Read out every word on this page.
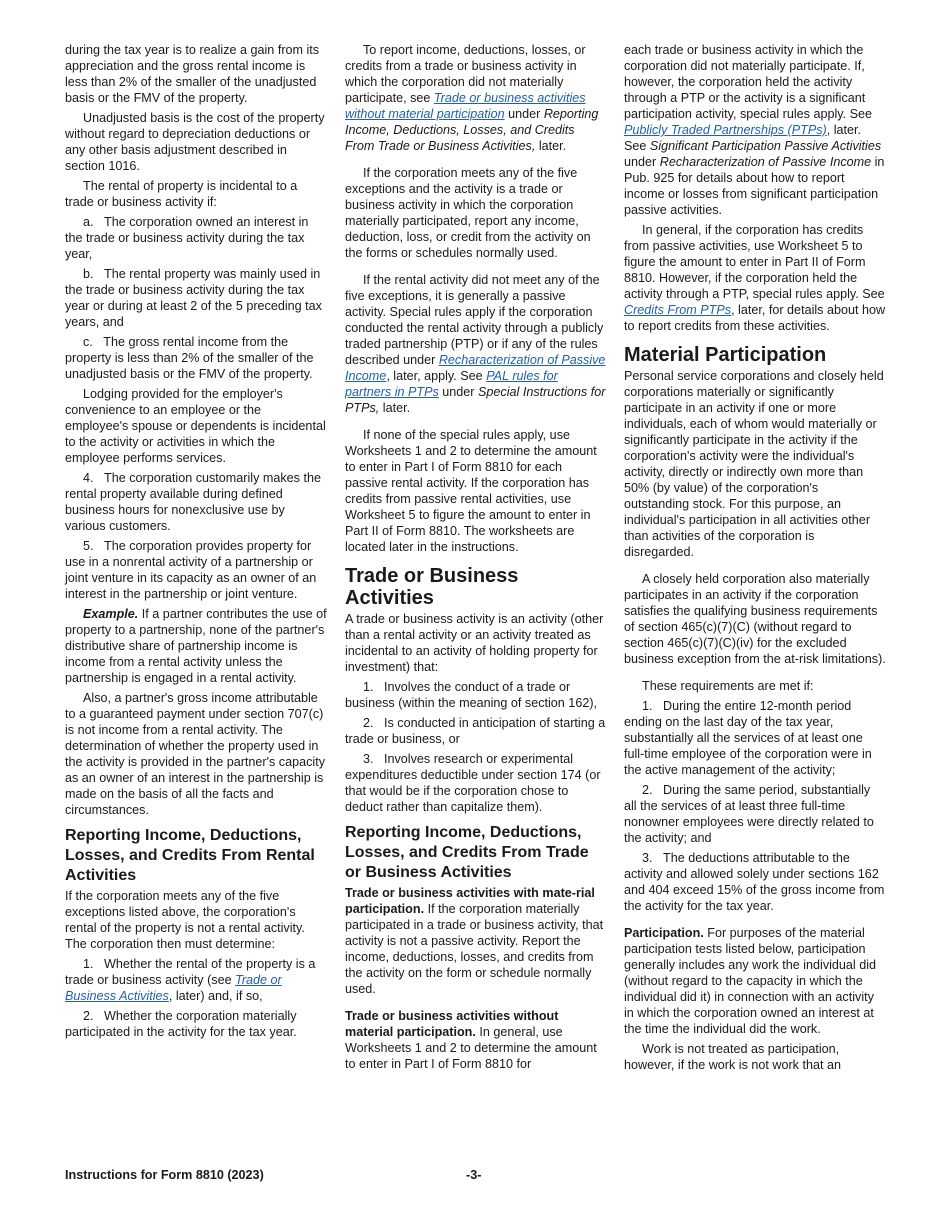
during the tax year is to realize a gain from its appreciation and the gross rental income is less than 2% of the smaller of the unadjusted basis or the FMV of the property.

Unadjusted basis is the cost of the property without regard to depreciation deductions or any other basis adjustment described in section 1016.

The rental of property is incidental to a trade or business activity if:

a.   The corporation owned an interest in the trade or business activity during the tax year,

b.   The rental property was mainly used in the trade or business activity during the tax year or during at least 2 of the 5 preceding tax years, and

c.   The gross rental income from the property is less than 2% of the smaller of the unadjusted basis or the FMV of the property.

Lodging provided for the employer's convenience to an employee or the employee's spouse or dependents is incidental to the activity or activities in which the employee performs services.

4.   The corporation customarily makes the rental property available during defined business hours for nonexclusive use by various customers.

5.   The corporation provides property for use in a nonrental activity of a partnership or joint venture in its capacity as an owner of an interest in the partnership or joint venture.

Example. If a partner contributes the use of property to a partnership, none of the partner's distributive share of partnership income is income from a rental activity unless the partnership is engaged in a rental activity.

Also, a partner's gross income attributable to a guaranteed payment under section 707(c) is not income from a rental activity. The determination of whether the property used in the activity is provided in the partner's capacity as an owner of an interest in the partnership is made on the basis of all the facts and circumstances.

Reporting Income, Deductions, Losses, and Credits From Rental Activities

If the corporation meets any of the five exceptions listed above, the corporation's rental of the property is not a rental activity. The corporation then must determine:

1.   Whether the rental of the property is a trade or business activity (see Trade or Business Activities, later) and, if so,

2.   Whether the corporation materially participated in the activity for the tax year.

To report income, deductions, losses, or credits from a trade or business activity in which the corporation did not materially participate, see Trade or business activities without material participation under Reporting Income, Deductions, Losses, and Credits From Trade or Business Activities, later.

If the corporation meets any of the five exceptions and the activity is a trade or business activity in which the corporation materially participated, report any income, deduction, loss, or credit from the activity on the forms or schedules normally used.

If the rental activity did not meet any of the five exceptions, it is generally a passive activity. Special rules apply if the corporation conducted the rental activity through a publicly traded partnership (PTP) or if any of the rules described under Recharacterization of Passive Income, later, apply. See PAL rules for partners in PTPs under Special Instructions for PTPs, later.

If none of the special rules apply, use Worksheets 1 and 2 to determine the amount to enter in Part I of Form 8810 for each passive rental activity. If the corporation has credits from passive rental activities, use Worksheet 5 to figure the amount to enter in Part II of Form 8810. The worksheets are located later in the instructions.

Trade or Business Activities

A trade or business activity is an activity (other than a rental activity or an activity treated as incidental to an activity of holding property for investment) that:

1.   Involves the conduct of a trade or business (within the meaning of section 162),

2.   Is conducted in anticipation of starting a trade or business, or

3.   Involves research or experimental expenditures deductible under section 174 (or that would be if the corporation chose to deduct rather than capitalize them).

Reporting Income, Deductions, Losses, and Credits From Trade or Business Activities

Trade or business activities with mate-rial participation. If the corporation materially participated in a trade or business activity, that activity is not a passive activity. Report the income, deductions, losses, and credits from the activity on the form or schedule normally used.

Trade or business activities without material participation. In general, use Worksheets 1 and 2 to determine the amount to enter in Part I of Form 8810 for

each trade or business activity in which the corporation did not materially participate. If, however, the corporation held the activity through a PTP or the activity is a significant participation activity, special rules apply. See Publicly Traded Partnerships (PTPs), later. See Significant Participation Passive Activities under Recharacterization of Passive Income in Pub. 925 for details about how to report income or losses from significant participation passive activities.

In general, if the corporation has credits from passive activities, use Worksheet 5 to figure the amount to enter in Part II of Form 8810. However, if the corporation held the activity through a PTP, special rules apply. See Credits From PTPs, later, for details about how to report credits from these activities.

Material Participation

Personal service corporations and closely held corporations materially or significantly participate in an activity if one or more individuals, each of whom would materially or significantly participate in the activity if the corporation's activity were the individual's activity, directly or indirectly own more than 50% (by value) of the corporation's outstanding stock. For this purpose, an individual's participation in all activities other than activities of the corporation is disregarded.

A closely held corporation also materially participates in an activity if the corporation satisfies the qualifying business requirements of section 465(c)(7)(C) (without regard to section 465(c)(7)(C)(iv) for the excluded business exception from the at-risk limitations).

These requirements are met if:

1.   During the entire 12-month period ending on the last day of the tax year, substantially all the services of at least one full-time employee of the corporation were in the active management of the activity;

2.   During the same period, substantially all the services of at least three full-time nonowner employees were directly related to the activity; and

3.   The deductions attributable to the activity and allowed solely under sections 162 and 404 exceed 15% of the gross income from the activity for the tax year.

Participation. For purposes of the material participation tests listed below, participation generally includes any work the individual did (without regard to the capacity in which the individual did it) in connection with an activity in which the corporation owned an interest at the time the individual did the work.

Work is not treated as participation, however, if the work is not work that an

Instructions for Form 8810 (2023)	-3-
